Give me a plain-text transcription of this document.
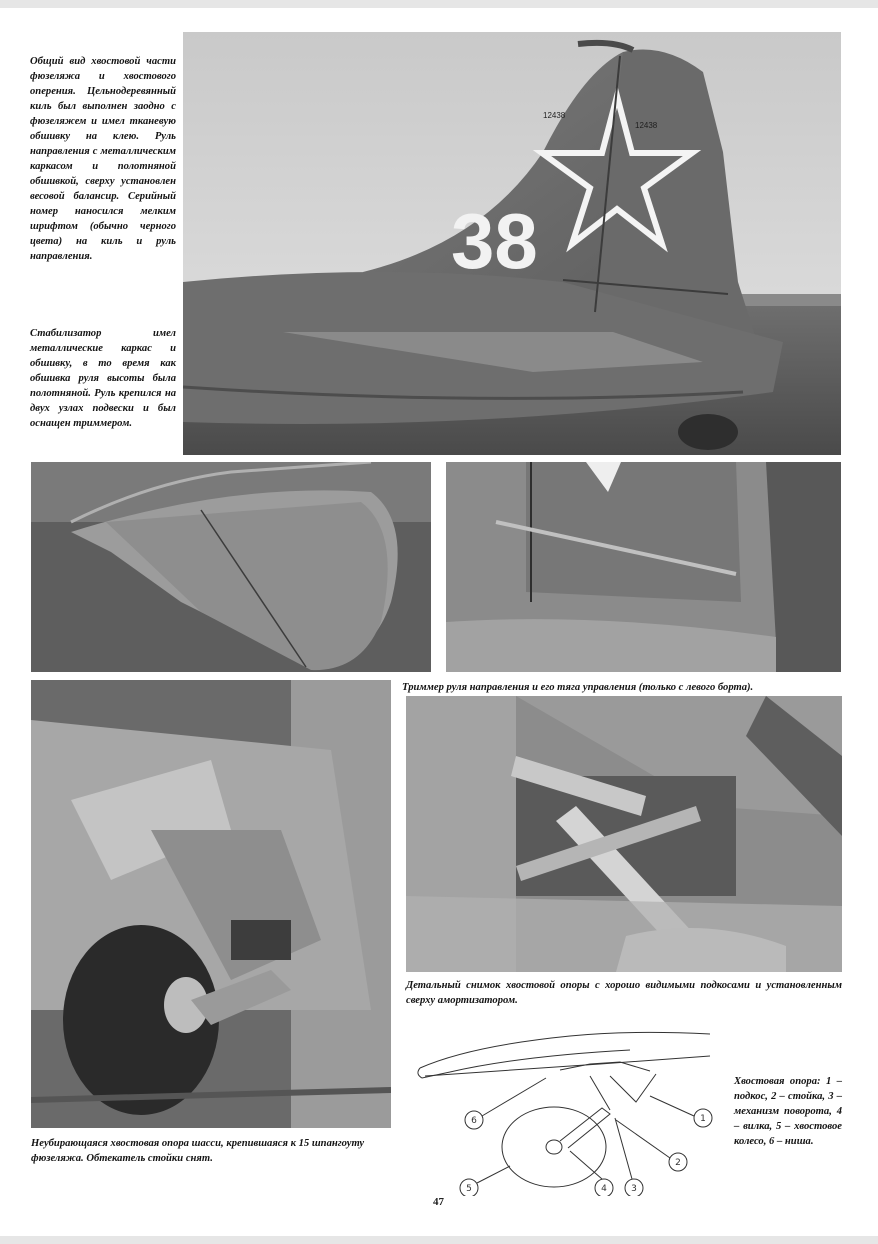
Общий вид хвостовой части фюзеляжа и хвостового оперения. Цельнодеревянный киль был выполнен заодно с фюзеляжем и имел тканевую обшивку на клею. Руль направления с металлическим каркасом и полотняной обшивкой, сверху установлен весовой балансир. Серийный номер наносился мелким шрифтом (обычно черного цвета) на киль и руль направления.

Стабилизатор имел металлические каркас и обшивку, в то время как обшивка руля высоты была полотняной. Руль крепился на двух узлах подвески и был оснащен триммером.

38
12438
12438

Триммер руля направления и его тяга управления (только с левого борта).

Детальный снимок хвостовой опоры с хорошо видимыми подкосами и установленным сверху амортизатором.

Неубирающаяся хвостовая опора шасси, крепившаяся к 15 шпангоуту фюзеляжа. Обтекатель стойки снят.

6	1
2
3
4
5

Хвостовая опора: 1 – подкос, 2 – стойка, 3 – механизм поворота, 4 – вилка, 5 – хвостовое колесо, 6 – ниша.

47
